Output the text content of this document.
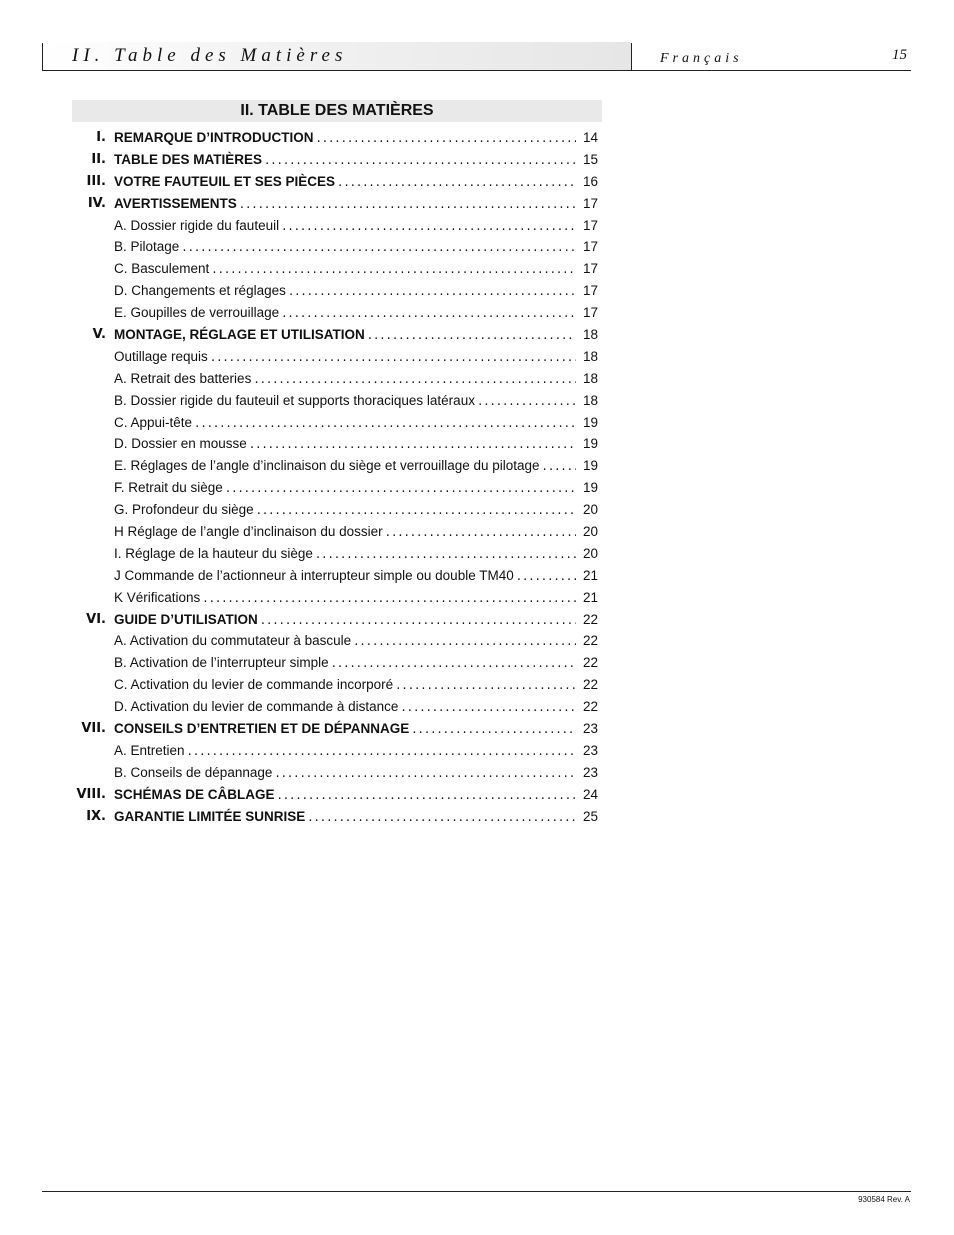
II. Table des Matières	Français	15
II. TABLE DES MATIÈRES
I. REMARQUE D’INTRODUCTION . . .	14
II. TABLE DES MATIÈRES . . .	15
III. VOTRE FAUTEUIL ET SES PIÈCES . . .	16
IV. AVERTISSEMENTS . . .	17
A. Dossier rigide du fauteuil . . .	17
B. Pilotage . . .	17
C. Basculement . . .	17
D. Changements et réglages . . .	17
E. Goupilles de verrouillage . . .	17
V. MONTAGE, RÉGLAGE ET UTILISATION . . .	18
Outillage requis . . .	18
A. Retrait des batteries . . .	18
B. Dossier rigide du fauteuil et supports thoraciques latéraux . . .	18
C. Appui-tête . . .	19
D. Dossier en mousse . . .	19
E. Réglages de l’angle d’inclinaison du siège et verrouillage du pilotage . . .	19
F. Retrait du siège . . .	19
G. Profondeur du siège . . .	20
H Réglage de l’angle d’inclinaison du dossier . . .	20
I. Réglage de la hauteur du siège . . .	20
J Commande de l’actionneur à interrupteur simple ou double TM40 . . .	21
K Vérifications . . .	21
VI. GUIDE D’UTILISATION . . .	22
A. Activation du commutateur à bascule . . .	22
B. Activation de l’interrupteur simple . . .	22
C. Activation du levier de commande incorporé . . .	22
D. Activation du levier de commande à distance . . .	22
VII. CONSEILS D’ENTRETIEN ET DE DÉPANNAGE . . .	23
A. Entretien . . .	23
B. Conseils de dépannage . . .	23
VIII. SCHÉMAS DE CÂBLAGE . . .	24
IX. GARANTIE LIMITÉE SUNRISE . . .	25
930584 Rev. A
